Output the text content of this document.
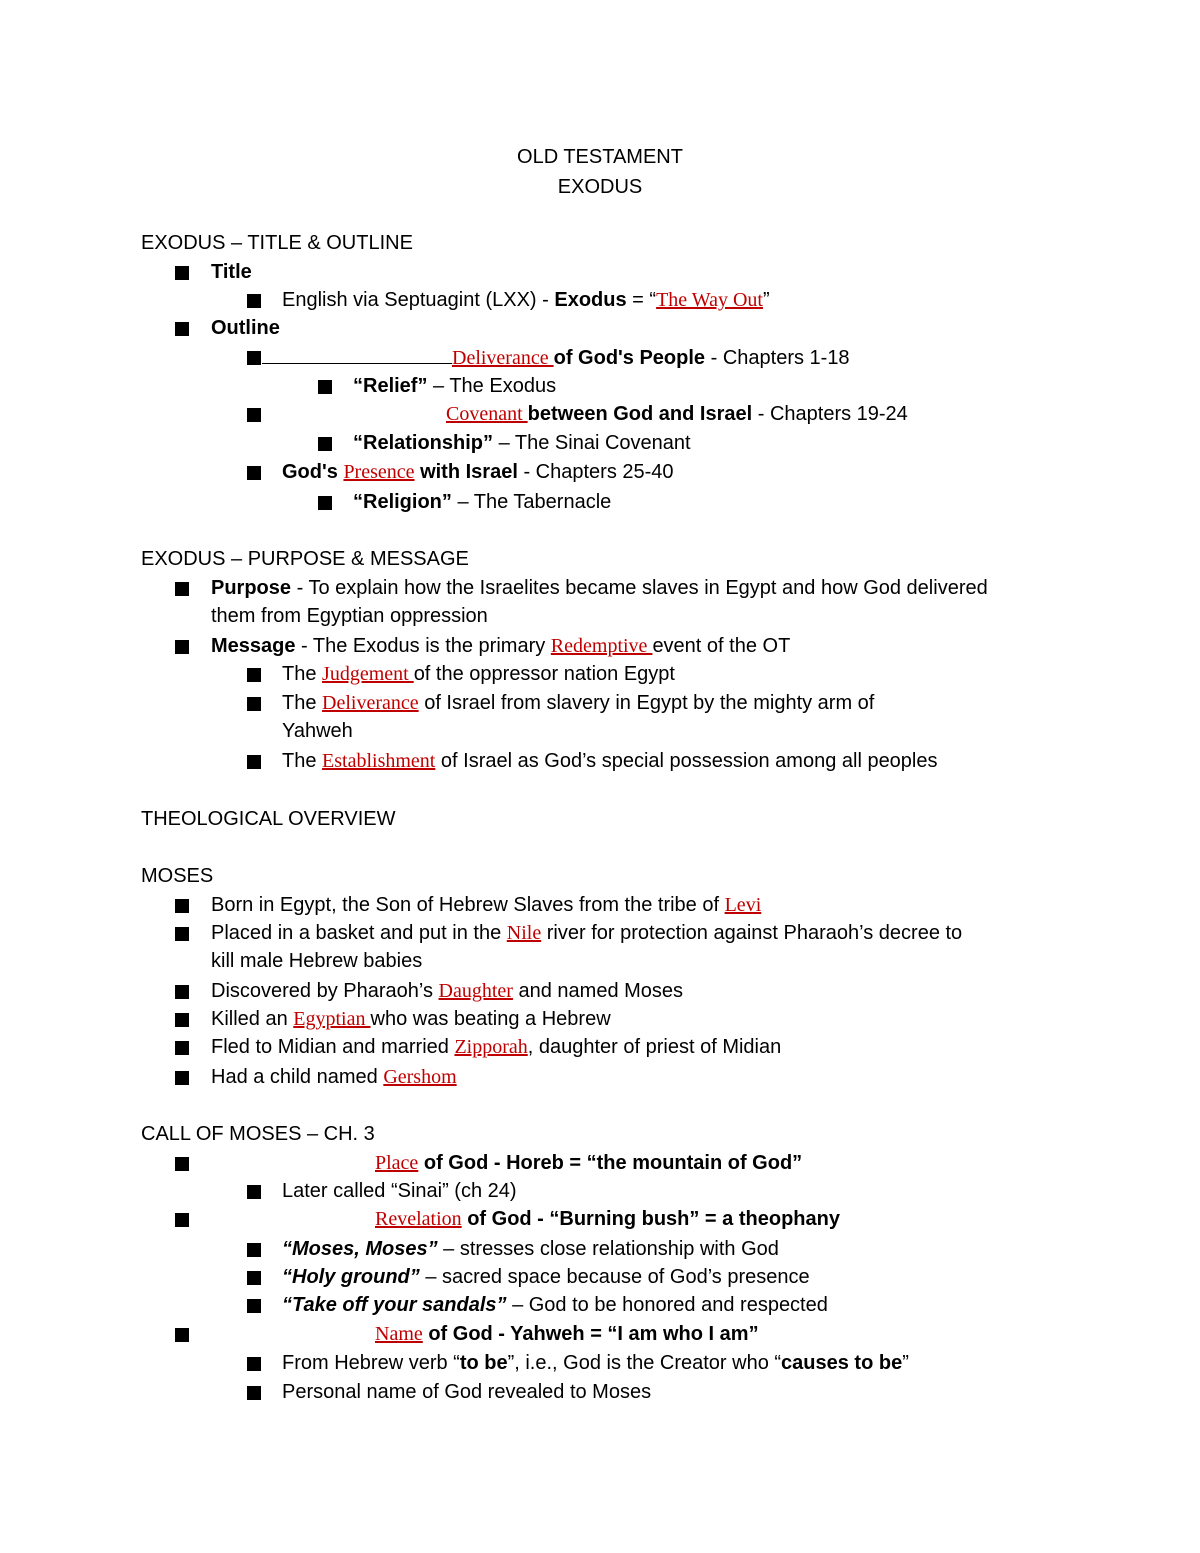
OLD TESTAMENT
EXODUS
EXODUS – TITLE & OUTLINE
Title
English via Septuagint (LXX) - Exodus = “The Way Out”
Outline
Deliverance of God's People - Chapters 1-18
“Relief” – The Exodus
Covenant between God and Israel - Chapters 19-24
“Relationship” – The Sinai Covenant
God's Presence with Israel - Chapters 25-40
“Religion” – The Tabernacle
EXODUS – PURPOSE & MESSAGE
Purpose - To explain how the Israelites became slaves in Egypt and how God delivered
them from Egyptian oppression
Message - The Exodus is the primary Redemptive event of the OT
The Judgement of the oppressor nation Egypt
The Deliverance of Israel from slavery in Egypt by the mighty arm of
Yahweh
The Establishment of Israel as God’s special possession among all peoples
THEOLOGICAL OVERVIEW
MOSES
Born in Egypt, the Son of Hebrew Slaves from the tribe of Levi
Placed in a basket and put in the Nile river for protection against Pharaoh’s decree to
kill male Hebrew babies
Discovered by Pharaoh’s Daughter and named Moses
Killed an Egyptian who was beating a Hebrew
Fled to Midian and married Zipporah, daughter of priest of Midian
Had a child named Gershom
CALL OF MOSES – CH. 3
Place of God - Horeb = “the mountain of God”
Later called “Sinai” (ch 24)
Revelation of God - “Burning bush” = a theophany
“Moses, Moses” – stresses close relationship with God
“Holy ground” – sacred space because of God’s presence
“Take off your sandals” – God to be honored and respected
Name of God - Yahweh = “I am who I am”
From Hebrew verb “to be”, i.e., God is the Creator who “causes to be”
Personal name of God revealed to Moses
